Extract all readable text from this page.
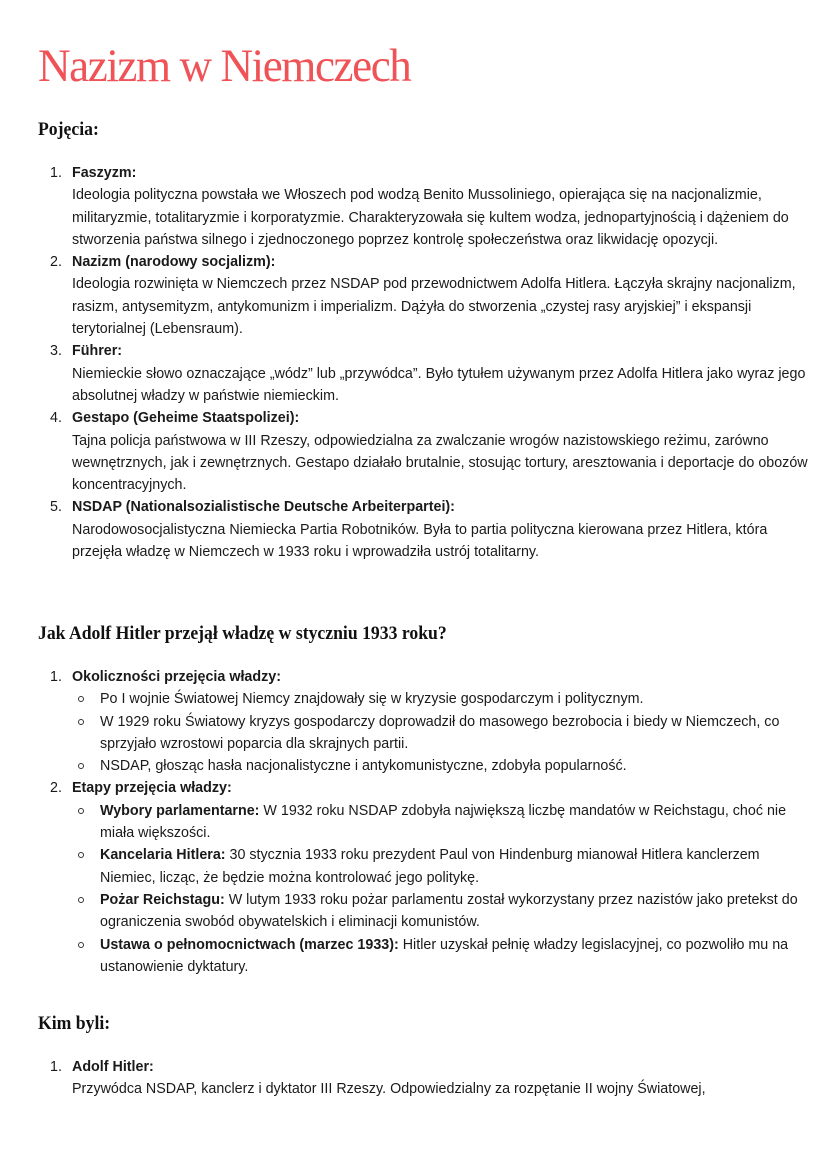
Nazizm w Niemczech
Pojęcia:
1. Faszyzm:
Ideologia polityczna powstała we Włoszech pod wodzą Benito Mussoliniego, opierająca się na nacjonalizmie, militaryzmie, totalitaryzmie i korporatyzmie. Charakteryzowała się kultem wodza, jednopartyjnością i dążeniem do stworzenia państwa silnego i zjednoczonego poprzez kontrolę społeczeństwa oraz likwidację opozycji.
2. Nazizm (narodowy socjalizm):
Ideologia rozwinięta w Niemczech przez NSDAP pod przewodnictwem Adolfa Hitlera. Łączyła skrajny nacjonalizm, rasizm, antysemityzm, antykomunizm i imperializm. Dążyła do stworzenia „czystej rasy aryjskiej” i ekspansji terytorialnej (Lebensraum).
3. Führer:
Niemieckie słowo oznaczające „wódz” lub „przywódca”. Było tytułem używanym przez Adolfa Hitlera jako wyraz jego absolutnej władzy w państwie niemieckim.
4. Gestapo (Geheime Staatspolizei):
Tajna policja państwowa w III Rzeszy, odpowiedzialna za zwalczanie wrogów nazistowskiego reżimu, zarówno wewnętrznych, jak i zewnętrznych. Gestapo działało brutalnie, stosując tortury, aresztowania i deportacje do obozów koncentracyjnych.
5. NSDAP (Nationalsozialistische Deutsche Arbeiterpartei):
Narodowosocjalistyczna Niemiecka Partia Robotników. Była to partia polityczna kierowana przez Hitlera, która przejęła władzę w Niemczech w 1933 roku i wprowadziła ustrój totalitarny.
Jak Adolf Hitler przejął władzę w styczniu 1933 roku?
1. Okoliczności przejęcia władzy:
Po I wojnie Światowej Niemcy znajdowały się w kryzysie gospodarczym i politycznym.
W 1929 roku Światowy kryzys gospodarczy doprowadził do masowego bezrobocia i biedy w Niemczech, co sprzyjało wzrostowi poparcia dla skrajnych partii.
NSDAP, głosząc hasła nacjonalistyczne i antykomunistyczne, zdobyła popularność.
2. Etapy przejęcia władzy:
Wybory parlamentarne: W 1932 roku NSDAP zdobyła największą liczbę mandatów w Reichstagu, choć nie miała większości.
Kancelaria Hitlera: 30 stycznia 1933 roku prezydent Paul von Hindenburg mianował Hitlera kanclerzem Niemiec, licząc, że będzie można kontrolować jego politykę.
Pożar Reichstagu: W lutym 1933 roku pożar parlamentu został wykorzystany przez nazistów jako pretekst do ograniczenia swobód obywatelskich i eliminacji komunistów.
Ustawa o pełnomocnictwach (marzec 1933): Hitler uzyskał pełnię władzy legislacyjnej, co pozwoliło mu na ustanowienie dyktatury.
Kim byli:
1. Adolf Hitler:
Przywódca NSDAP, kanclerz i dyktator III Rzeszy. Odpowiedzialny za rozpętanie II wojny Światowej,
